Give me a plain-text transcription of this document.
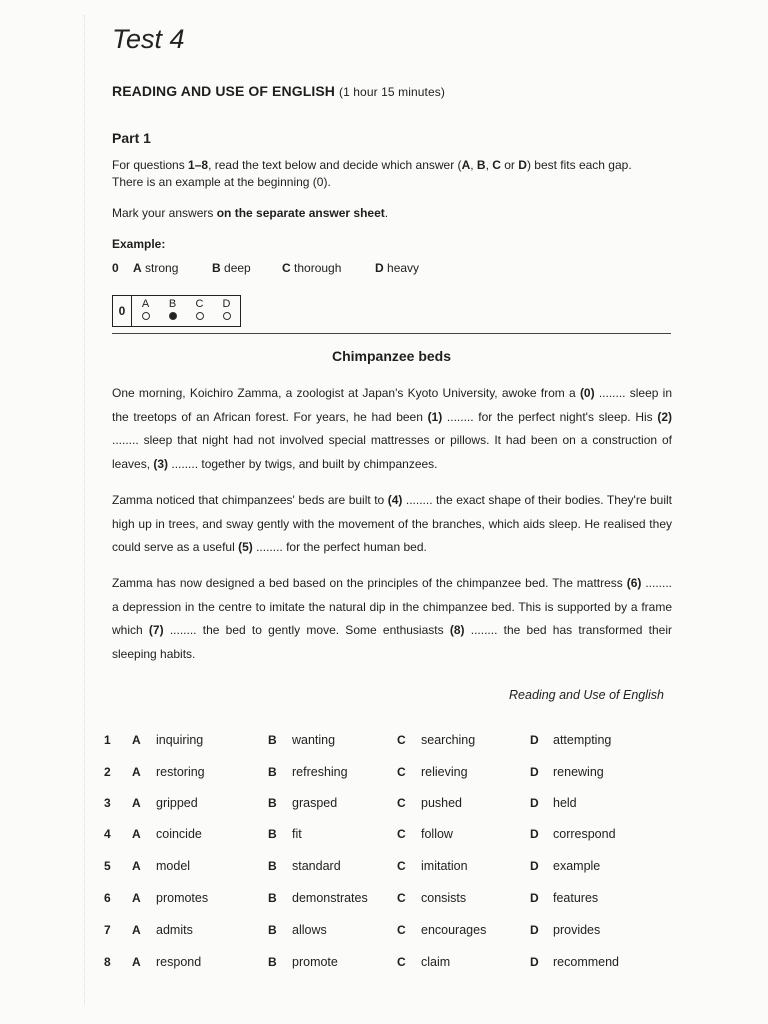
Test 4
READING AND USE OF ENGLISH (1 hour 15 minutes)
Part 1
For questions 1–8, read the text below and decide which answer (A, B, C or D) best fits each gap.
There is an example at the beginning (0).
Mark your answers on the separate answer sheet.
Example:
0 A
strong	B
deep	C
thorough	D
heavy
0	A	B	C	D
Chimpanzee beds
One morning, Koichiro Zamma, a zoologist at Japan's Kyoto University, awoke from a (0) ........ sleep in the treetops of an African forest. For years, he had been (1) ........ for the perfect night's sleep. His (2) ........ sleep that night had not involved special mattresses or pillows. It had been on a construction of leaves, (3) ........ together by twigs, and built by chimpanzees.
Zamma noticed that chimpanzees' beds are built to (4) ........ the exact shape of their bodies. They're built high up in trees, and sway gently with the movement of the branches, which aids sleep. He realised they could serve as a useful (5) ........ for the perfect human bed.
Zamma has now designed a bed based on the principles of the chimpanzee bed. The mattress (6) ........ a depression in the centre to imitate the natural dip in the chimpanzee bed. This is supported by a frame which (7) ........ the bed to gently move. Some enthusiasts (8) ........ the bed has transformed their sleeping habits.
Reading and Use of English
1 A inquiring	B wanting	C searching	D attempting
2 A restoring	B refreshing	C relieving	D renewing
3 A gripped	B grasped	C pushed	D held
4 A coincide	B fit	C follow	D correspond
5 A model	B standard	C imitation	D example
6 A promotes	B demonstrates C consists	D features
7 A admits	B allows	C encourages	D provides
8 A respond	B promote	C claim	D recommend
